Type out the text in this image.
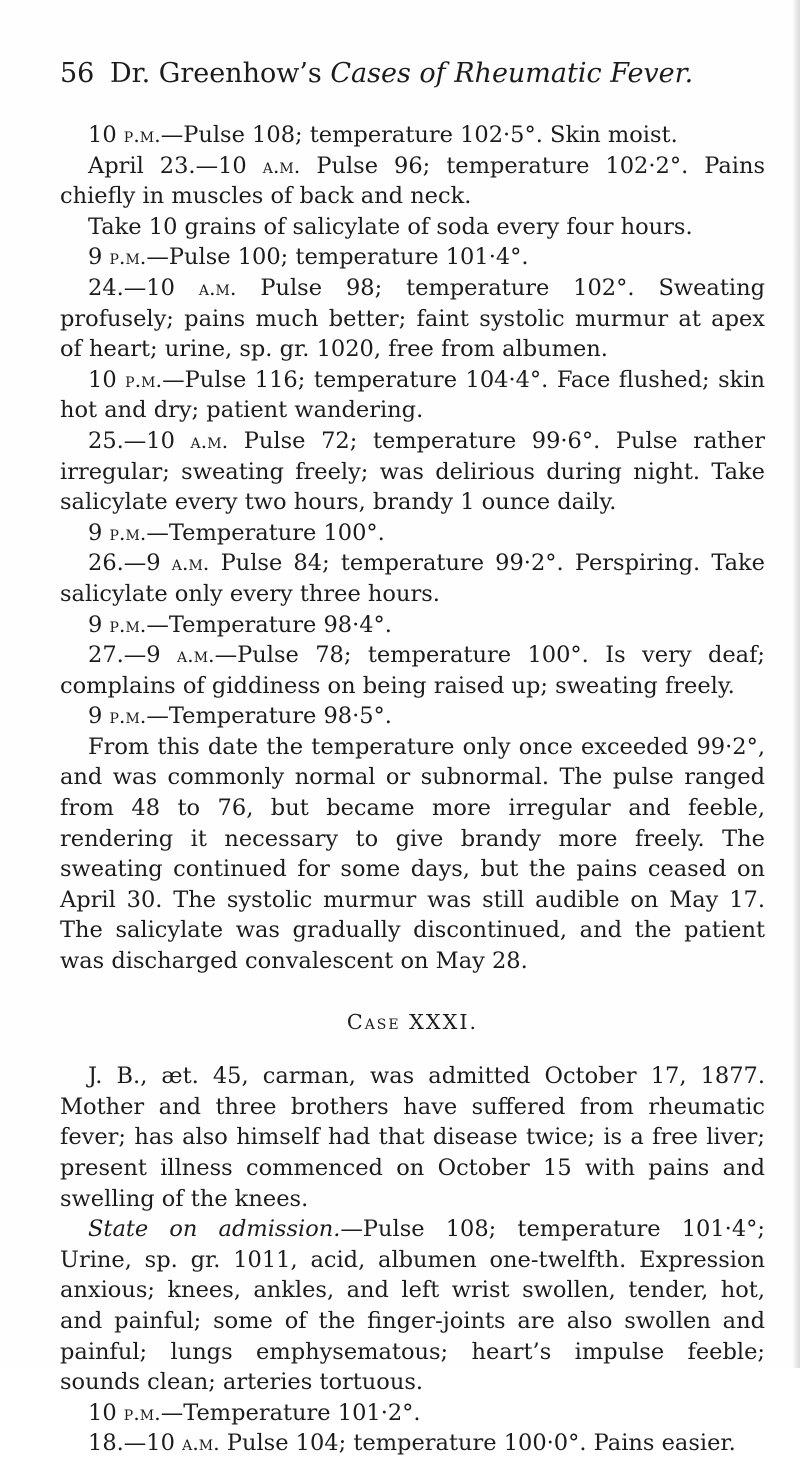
56 Dr. Greenhow’s Cases of Rheumatic Fever.

10 p.m.—Pulse 108; temperature 102·5°. Skin moist.

April 23.—10 a.m. Pulse 96; temperature 102·2°. Pains chiefly in muscles of back and neck.

Take 10 grains of salicylate of soda every four hours.

9 p.m.—Pulse 100; temperature 101·4°.

24.—10 a.m. Pulse 98; temperature 102°. Sweating profusely; pains much better; faint systolic murmur at apex of heart; urine, sp. gr. 1020, free from albumen.

10 p.m.—Pulse 116; temperature 104·4°. Face flushed; skin hot and dry; patient wandering.

25.—10 a.m. Pulse 72; temperature 99·6°. Pulse rather irregular; sweating freely; was delirious during night. Take salicylate every two hours, brandy 1 ounce daily.

9 p.m.—Temperature 100°.

26.—9 a.m. Pulse 84; temperature 99·2°. Perspiring. Take salicylate only every three hours.

9 p.m.—Temperature 98·4°.

27.—9 a.m.—Pulse 78; temperature 100°. Is very deaf; complains of giddiness on being raised up; sweating freely.

9 p.m.—Temperature 98·5°.

From this date the temperature only once exceeded 99·2°, and was commonly normal or subnormal. The pulse ranged from 48 to 76, but became more irregular and feeble, rendering it necessary to give brandy more freely. The sweating continued for some days, but the pains ceased on April 30. The systolic murmur was still audible on May 17. The salicylate was gradually discontinued, and the patient was discharged convalescent on May 28.

Case XXXI.

J. B., æt. 45, carman, was admitted October 17, 1877. Mother and three brothers have suffered from rheumatic fever; has also himself had that disease twice; is a free liver; present illness commenced on October 15 with pains and swelling of the knees.

State on admission.—Pulse 108; temperature 101·4°; Urine, sp. gr. 1011, acid, albumen one-twelfth. Expression anxious; knees, ankles, and left wrist swollen, tender, hot, and painful; some of the finger-joints are also swollen and painful; lungs emphysematous; heart’s impulse feeble; sounds clean; arteries tortuous.

10 p.m.—Temperature 101·2°.

18.—10 a.m. Pulse 104; temperature 100·0°. Pains easier.
